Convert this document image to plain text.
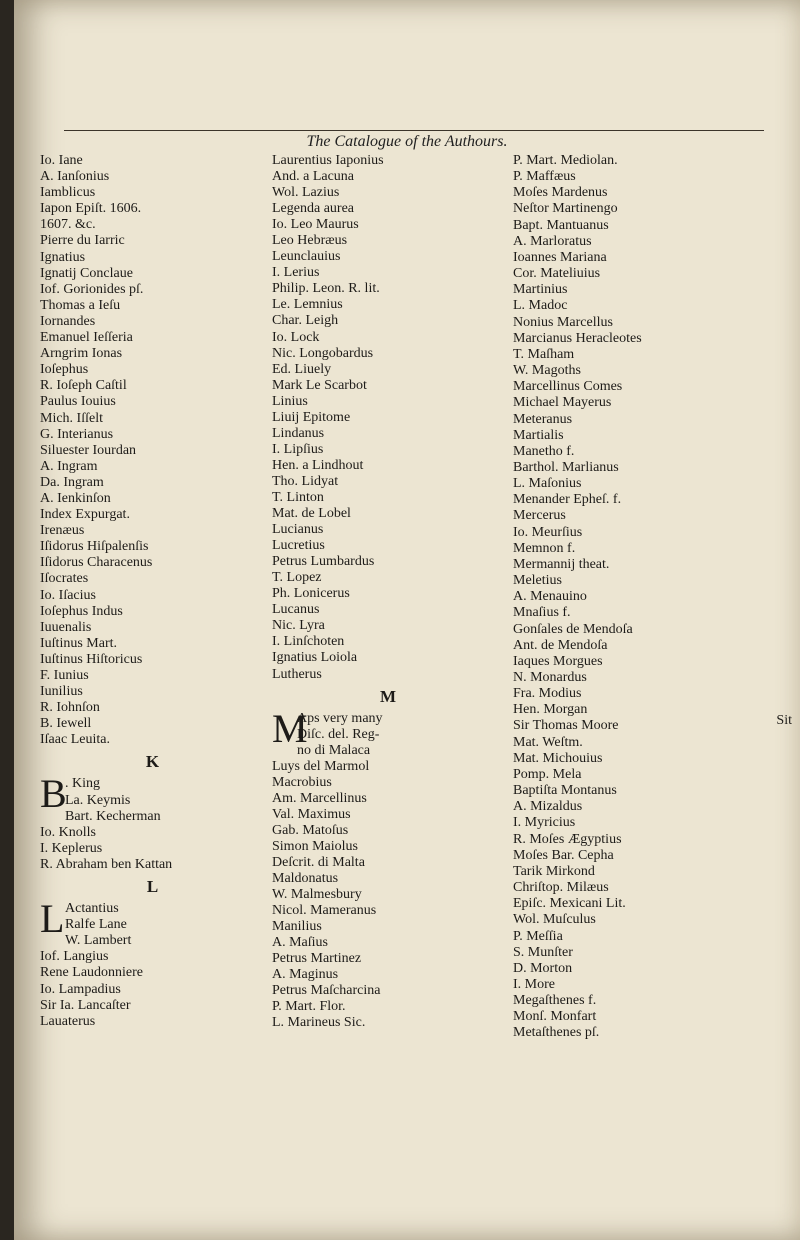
The Catalogue of the Authours.
Io. Iane
A. Ianſonius
Iamblicus
Iapon Epiſt. 1606.
1607. &c.
Pierre du Iarric
Ignatius
Ignatij Conclaue
Iof. Gorionides pſ.
Thomas a Ieſu
Iornandes
Emanuel Ieſſeria
Arngrim Ionas
Ioſephus
R. Ioſeph Caſtil
Paulus Iouius
Mich. Iſſelt
G. Interianus
Siluester Iourdan
A. Ingram
Da. Ingram
A. Ienkinſon
Index Expurgat.
Irenæus
Iſidorus Hiſpalenſis
Iſidorus Characenus
Iſocrates
Io. Iſacius
Ioſephus Indus
Iuuenalis
Iuſtinus Mart.
Iuſtinus Hiſtoricus
F. Iunius
Iunilius
R. Iohnſon
B. Iewell
Iſaac Leuita.
K
B
. King
La. Keymis
Bart. Kecherman
Io. Knolls
I. Keplerus
R. Abraham ben Kattan
L
L Actantius
Ralfe Lane
W. Lambert
Iof. Langius
Rene Laudonniere
Io. Lampadius
Sir Ia. Lancaſter
Lauaterus
Laurentius Iaponius
And. a Lacuna
Wol. Lazius
Legenda aurea
Io. Leo Maurus
Leo Hebræus
Leunclauius
I. Lerius
Philip. Leon. R. lit.
Le. Lemnius
Char. Leigh
Io. Lock
Nic. Longobardus
Ed. Liuely
Mark Le Scarbot
Linius
Liuij Epitome
Lindanus
I. Lipſius
Hen. a Lindhout
Tho. Lidyat
T. Linton
Mat. de Lobel
Lucianus
Lucretius
Petrus Lumbardus
T. Lopez
Ph. Lonicerus
Lucanus
Nic. Lyra
I. Linſchoten
Ignatius Loiola
Lutherus
M
M
Aps very many
Diſc. del. Reg-
no di Malaca
Luys del Marmol
Macrobius
Am. Marcellinus
Val. Maximus
Gab. Matoſus
Simon Maiolus
Deſcrit. di Malta
Maldonatus
W. Malmesbury
Nicol. Mameranus
Manilius
A. Maſius
Petrus Martinez
A. Maginus
Petrus Maſcharcina
P. Mart. Flor.
L. Marineus Sic.
P. Mart. Mediolan.
P. Maffæus
Moſes Mardenus
Neſtor Martinengo
Bapt. Mantuanus
A. Marloratus
Ioannes Mariana
Cor. Mateliuius
Martinius
L. Madoc
Nonius Marcellus
Marcianus Heracleotes
T. Maſham
W. Magoths
Marcellinus Comes
Michael Mayerus
Meteranus
Martialis
Manetho f.
Barthol. Marlianus
L. Maſonius
Menander Epheſ. f.
Mercerus
Io. Meurſius
Memnon f.
Mermannij theat.
Meletius
A. Menauino
Mnaſius f.
Gonſales de Mendoſa
Ant. de Mendoſa
Iaques Morgues
N. Monardus
Fra. Modius
Hen. Morgan
Sir Thomas Moore
Mat. Weſtm.
Mat. Michouius
Pomp. Mela
Baptiſta Montanus
A. Mizaldus
I. Myricius
R. Moſes Ægyptius
Moſes Bar. Cepha
Tarik Mirkond
Chriſtop. Milæus
Epiſc. Mexicani Lit.
Wol. Muſculus
P. Meſſia
S. Munſter
D. Morton
I. More
Megaſthenes f.
Monſ. Monfart
Metaſthenes pſ.
Sit
